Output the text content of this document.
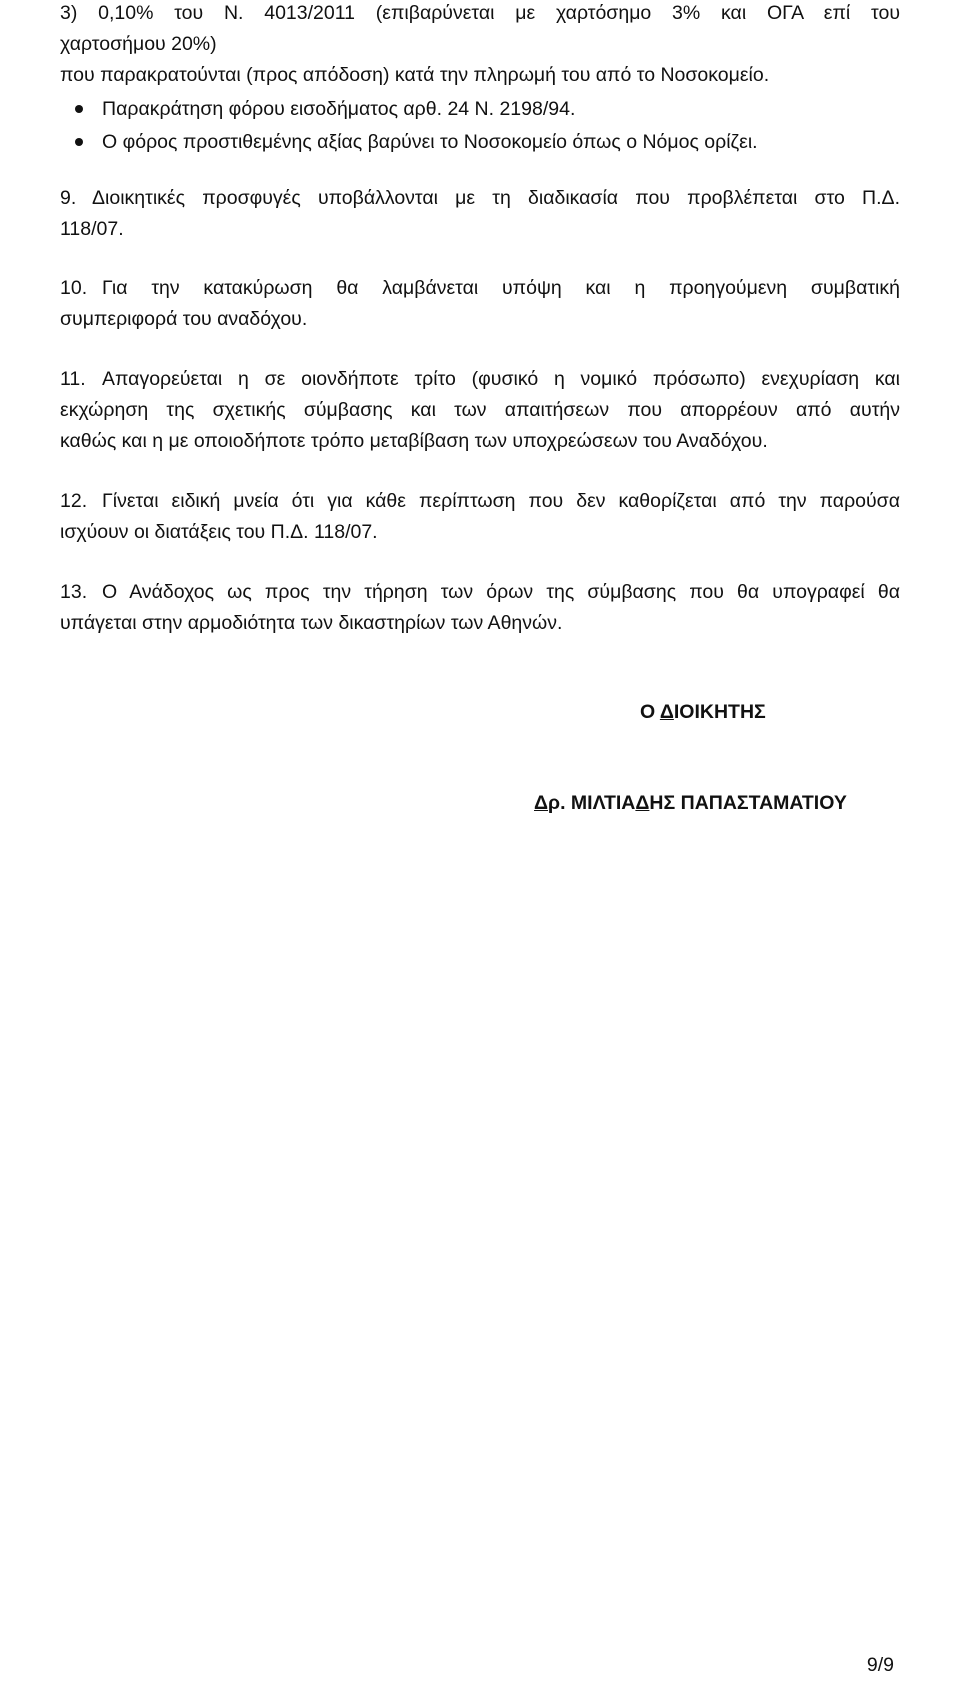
3) 0,10% του Ν. 4013/2011 (επιβαρύνεται με χαρτόσημο 3% και ΟΓΑ επί του
χαρτοσήμου 20%)
που παρακρατούνται (προς απόδοση) κατά την πληρωμή του από το Νοσοκομείο.
Παρακράτηση φόρου εισοδήματος αρθ. 24 Ν. 2198/94.
Ο φόρος προστιθεμένης αξίας βαρύνει το Νοσοκομείο όπως ο Νόμος ορίζει.
9. Διοικητικές προσφυγές υποβάλλονται με τη διαδικασία που προβλέπεται στο Π.Δ.
118/07.
10. Για την κατακύρωση θα λαμβάνεται υπόψη και η προηγούμενη συμβατική
συμπεριφορά του αναδόχου.
11. Απαγορεύεται η σε οιονδήποτε τρίτο (φυσικό η νομικό πρόσωπο) ενεχυρίαση και
εκχώρηση της σχετικής σύμβασης και των απαιτήσεων που απορρέουν από αυτήν
καθώς και η με οποιοδήποτε τρόπο μεταβίβαση των υποχρεώσεων του Αναδόχου.
12. Γίνεται ειδική μνεία ότι για κάθε περίπτωση που δεν καθορίζεται από την παρούσα
ισχύουν οι διατάξεις του Π.Δ. 118/07.
13. Ο Ανάδοχος ως προς την τήρηση των όρων της σύμβασης που θα υπογραφεί θα
υπάγεται στην αρμοδιότητα των δικαστηρίων των Αθηνών.
Ο ΔΙΟΙΚΗΤΗΣ
Δρ. ΜΙΛΤΙΑΔΗΣ ΠΑΠΑΣΤΑΜΑΤΙΟΥ
9/9
